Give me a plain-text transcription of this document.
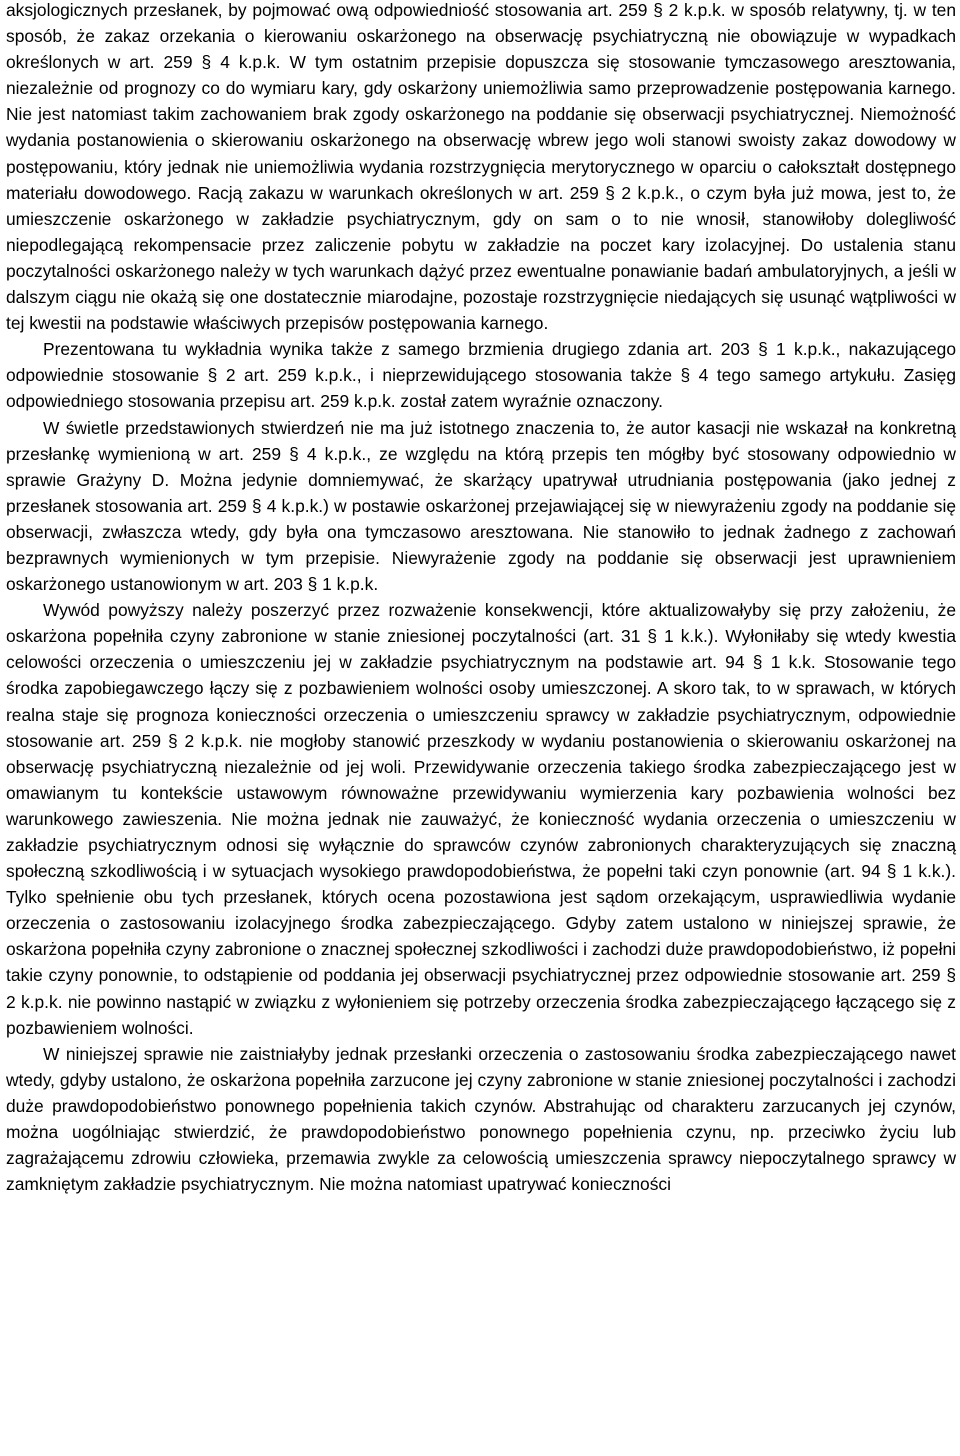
aksjologicznych przesłanek, by pojmować ową odpowiedniość stosowania art. 259 § 2 k.p.k. w sposób relatywny, tj. w ten sposób, że zakaz orzekania o kierowaniu oskarżonego na obserwację psychiatryczną nie obowiązuje w wypadkach określonych w art. 259 § 4 k.p.k. W tym ostatnim przepisie dopuszcza się stosowanie tymczasowego aresztowania, niezależnie od prognozy co do wymiaru kary, gdy oskarżony uniemożliwia samo przeprowadzenie postępowania karnego. Nie jest natomiast takim zachowaniem brak zgody oskarżonego na poddanie się obserwacji psychiatrycznej. Niemożność wydania postanowienia o skierowaniu oskarżonego na obserwację wbrew jego woli stanowi swoisty zakaz dowodowy w postępowaniu, który jednak nie uniemożliwia wydania rozstrzygnięcia merytorycznego w oparciu o całokształt dostępnego materiału dowodowego. Racją zakazu w warunkach określonych w art. 259 § 2 k.p.k., o czym była już mowa, jest to, że umieszczenie oskarżonego w zakładzie psychiatrycznym, gdy on sam o to nie wnosił, stanowiłoby dolegliwość niepodlegającą rekompensacie przez zaliczenie pobytu w zakładzie na poczet kary izolacyjnej. Do ustalenia stanu poczytalności oskarżonego należy w tych warunkach dążyć przez ewentualne ponawianie badań ambulatoryjnych, a jeśli w dalszym ciągu nie okażą się one dostatecznie miarodajne, pozostaje rozstrzygnięcie niedających się usunąć wątpliwości w tej kwestii na podstawie właściwych przepisów postępowania karnego.

Prezentowana tu wykładnia wynika także z samego brzmienia drugiego zdania art. 203 § 1 k.p.k., nakazującego odpowiednie stosowanie § 2 art. 259 k.p.k., i nieprzewidującego stosowania także § 4 tego samego artykułu. Zasięg odpowiedniego stosowania przepisu art. 259 k.p.k. został zatem wyraźnie oznaczony.

W świetle przedstawionych stwierdzeń nie ma już istotnego znaczenia to, że autor kasacji nie wskazał na konkretną przesłankę wymienioną w art. 259 § 4 k.p.k., ze względu na którą przepis ten mógłby być stosowany odpowiednio w sprawie Grażyny D. Można jedynie domniemywać, że skarżący upatrywał utrudniania postępowania (jako jednej z przesłanek stosowania art. 259 § 4 k.p.k.) w postawie oskarżonej przejawiającej się w niewyrażeniu zgody na poddanie się obserwacji, zwłaszcza wtedy, gdy była ona tymczasowo aresztowana. Nie stanowiło to jednak żadnego z zachowań bezprawnych wymienionych w tym przepisie. Niewyrażenie zgody na poddanie się obserwacji jest uprawnieniem oskarżonego ustanowionym w art. 203 § 1 k.p.k.

Wywód powyższy należy poszerzyć przez rozważenie konsekwencji, które aktualizowałyby się przy założeniu, że oskarżona popełniła czyny zabronione w stanie zniesionej poczytalności (art. 31 § 1 k.k.). Wyłoniłaby się wtedy kwestia celowości orzeczenia o umieszczeniu jej w zakładzie psychiatrycznym na podstawie art. 94 § 1 k.k. Stosowanie tego środka zapobiegawczego łączy się z pozbawieniem wolności osoby umieszczonej. A skoro tak, to w sprawach, w których realna staje się prognoza konieczności orzeczenia o umieszczeniu sprawcy w zakładzie psychiatrycznym, odpowiednie stosowanie art. 259 § 2 k.p.k. nie mogłoby stanowić przeszkody w wydaniu postanowienia o skierowaniu oskarżonej na obserwację psychiatryczną niezależnie od jej woli. Przewidywanie orzeczenia takiego środka zabezpieczającego jest w omawianym tu kontekście ustawowym równoważne przewidywaniu wymierzenia kary pozbawienia wolności bez warunkowego zawieszenia. Nie można jednak nie zauważyć, że konieczność wydania orzeczenia o umieszczeniu w zakładzie psychiatrycznym odnosi się wyłącznie do sprawców czynów zabronionych charakteryzujących się znaczną społeczną szkodliwością i w sytuacjach wysokiego prawdopodobieństwa, że popełni taki czyn ponownie (art. 94 § 1 k.k.). Tylko spełnienie obu tych przesłanek, których ocena pozostawiona jest sądom orzekającym, usprawiedliwia wydanie orzeczenia o zastosowaniu izolacyjnego środka zabezpieczającego. Gdyby zatem ustalono w niniejszej sprawie, że oskarżona popełniła czyny zabronione o znacznej społecznej szkodliwości i zachodzi duże prawdopodobieństwo, iż popełni takie czyny ponownie, to odstąpienie od poddania jej obserwacji psychiatrycznej przez odpowiednie stosowanie art. 259 § 2 k.p.k. nie powinno nastąpić w związku z wyłonieniem się potrzeby orzeczenia środka zabezpieczającego łączącego się z pozbawieniem wolności.

W niniejszej sprawie nie zaistniałyby jednak przesłanki orzeczenia o zastosowaniu środka zabezpieczającego nawet wtedy, gdyby ustalono, że oskarżona popełniła zarzucone jej czyny zabronione w stanie zniesionej poczytalności i zachodzi duże prawdopodobieństwo ponownego popełnienia takich czynów. Abstrahując od charakteru zarzucanych jej czynów, można uogólniając stwierdzić, że prawdopodobieństwo ponownego popełnienia czynu, np. przeciwko życiu lub zagrażającemu zdrowiu człowieka, przemawia zwykle za celowością umieszczenia sprawcy niepoczytalnego sprawcy w zamkniętym zakładzie psychiatrycznym. Nie można natomiast upatrywać konieczności
